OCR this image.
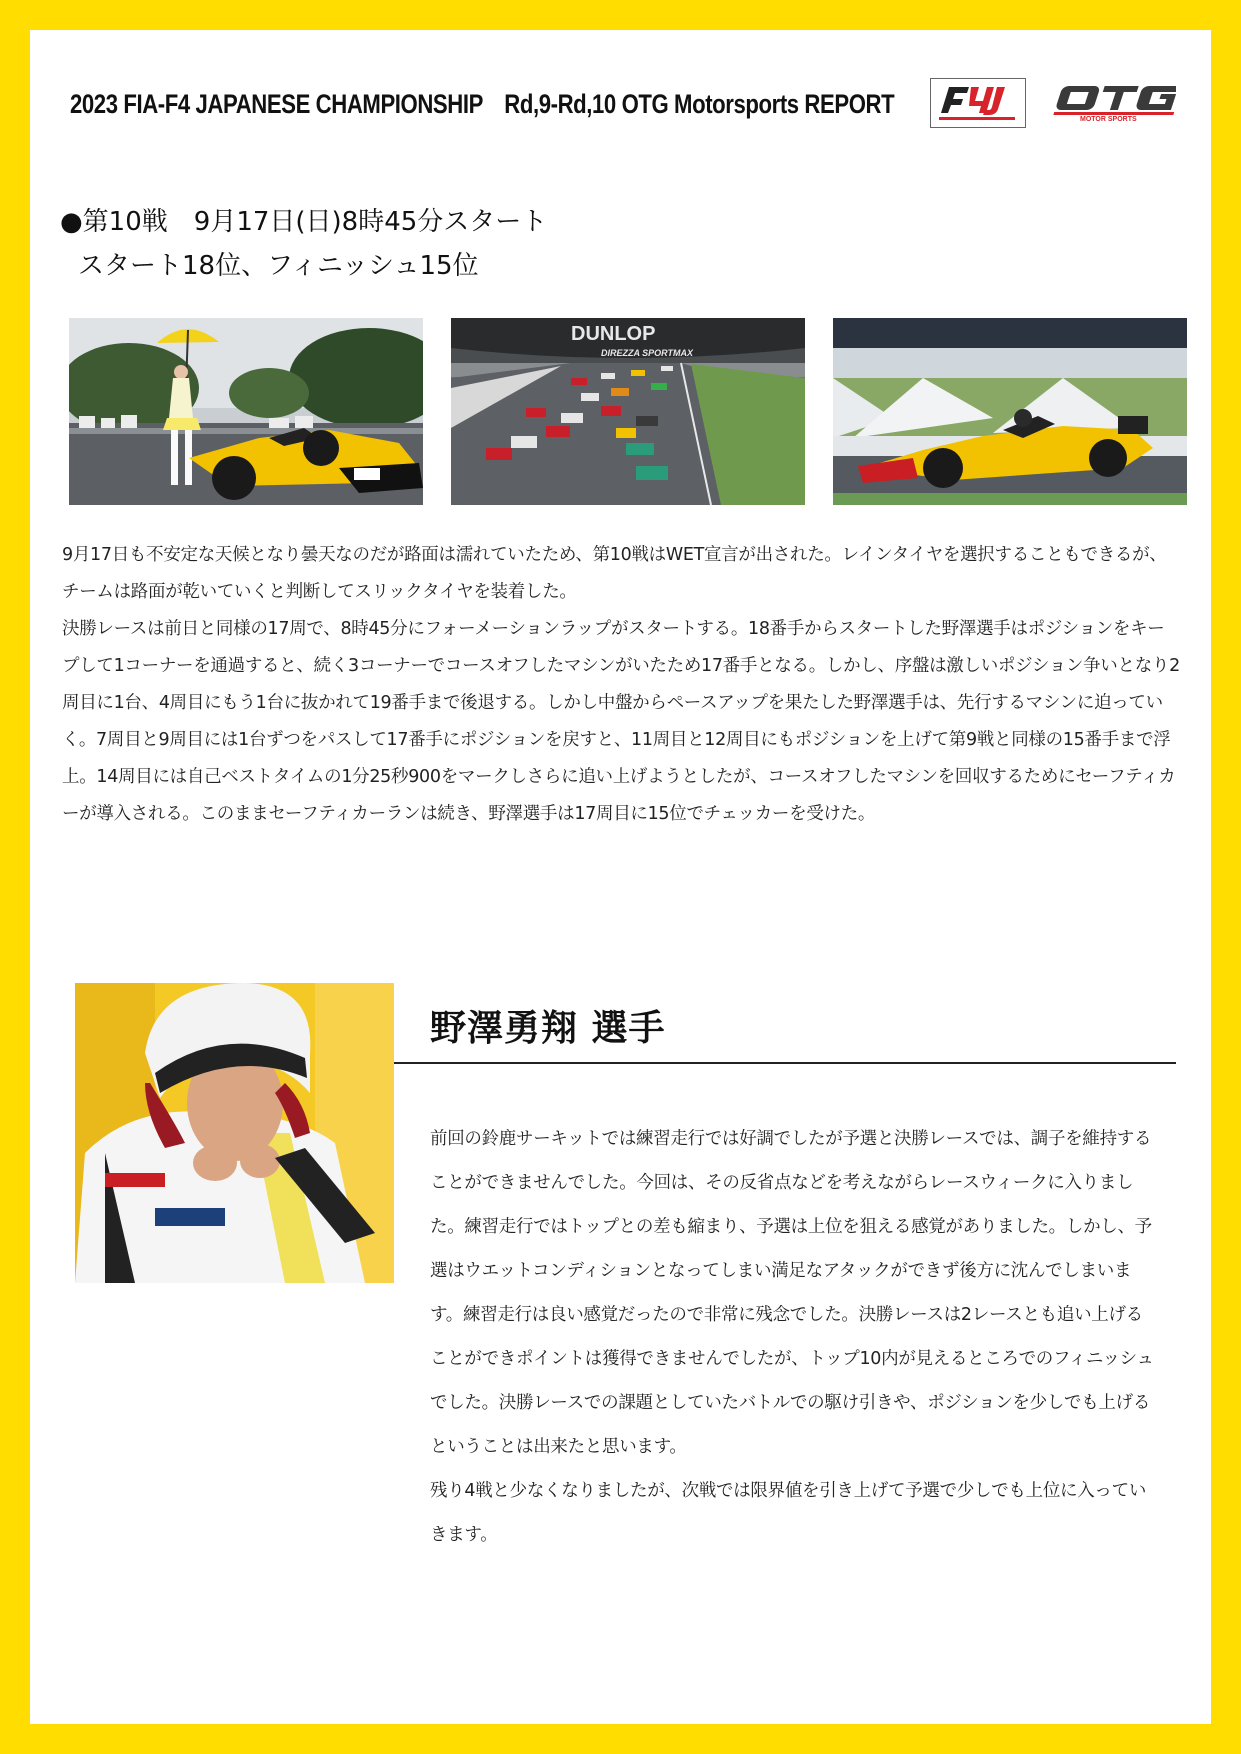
2023 FIA-F4 JAPANESE CHAMPIONSHIP　Rd,9-Rd,10 OTG Motorsports REPORT
MOTOR SPORTS
●第10戦　9月17日(日)8時45分スタート
スタート18位、フィニッシュ15位
DUNLOP
DIREZZA SPORTMAX

9月17日も不安定な天候となり曇天なのだが路面は濡れていたため、第10戦はWET宣言が出された。レインタイヤを選択することもできるが、チームは路面が乾いていくと判断してスリックタイヤを装着した。

決勝レースは前日と同様の17周で、8時45分にフォーメーションラップがスタートする。18番手からスタートした野澤選手はポジションをキープして1コーナーを通過すると、続く3コーナーでコースオフしたマシンがいたため17番手となる。しかし、序盤は激しいポジション争いとなり2周目に1台、4周目にもう1台に抜かれて19番手まで後退する。しかし中盤からペースアップを果たした野澤選手は、先行するマシンに迫っていく。7周目と9周目には1台ずつをパスして17番手にポジションを戻すと、11周目と12周目にもポジションを上げて第9戦と同様の15番手まで浮上。14周目には自己ベストタイムの1分25秒900をマークしさらに追い上げようとしたが、コースオフしたマシンを回収するためにセーフティカーが導入される。このままセーフティカーランは続き、野澤選手は17周目に15位でチェッカーを受けた。

野澤勇翔 選手

前回の鈴鹿サーキットでは練習走行では好調でしたが予選と決勝レースでは、調子を維持することができませんでした。今回は、その反省点などを考えながらレースウィークに入りました。練習走行ではトップとの差も縮まり、予選は上位を狙える感覚がありました。しかし、予選はウエットコンディションとなってしまい満足なアタックができず後方に沈んでしまいます。練習走行は良い感覚だったので非常に残念でした。決勝レースは2レースとも追い上げることができポイントは獲得できませんでしたが、トップ10内が見えるところでのフィニッシュでした。決勝レースでの課題としていたバトルでの駆け引きや、ポジションを少しでも上げるということは出来たと思います。

残り4戦と少なくなりましたが、次戦では限界値を引き上げて予選で少しでも上位に入っていきます。
